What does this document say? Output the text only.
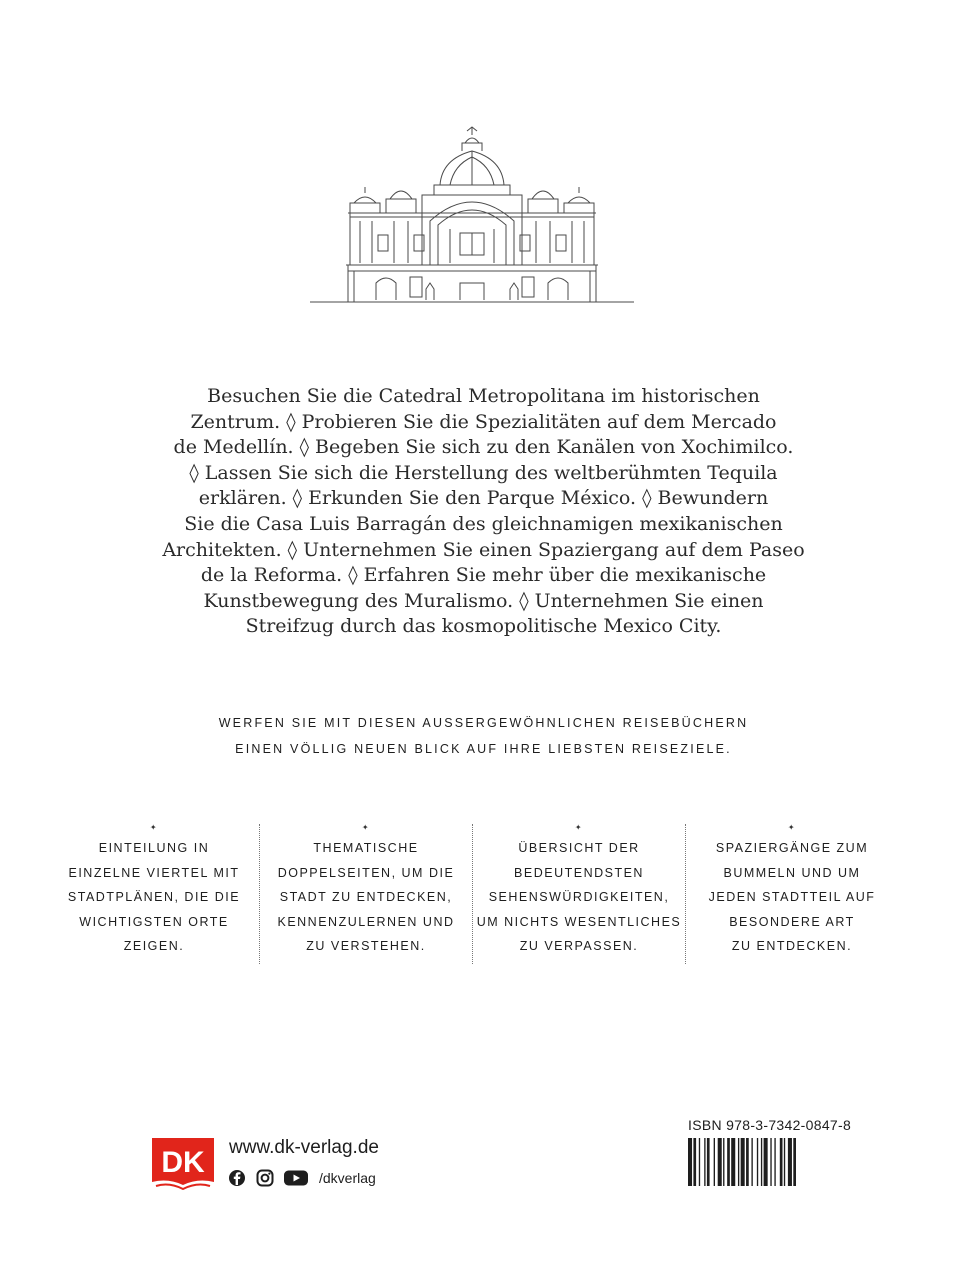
Besuchen Sie die Catedral Metropolitana im historischen
Zentrum. ◊ Probieren Sie die Spezialitäten auf dem Mercado
de Medellín. ◊ Begeben Sie sich zu den Kanälen von Xochimilco.
◊ Lassen Sie sich die Herstellung des weltberühmten Tequila
erklären. ◊ Erkunden Sie den Parque México. ◊ Bewundern
Sie die Casa Luis Barragán des gleichnamigen mexikanischen
Architekten. ◊ Unternehmen Sie einen Spaziergang auf dem Paseo
de la Reforma. ◊ Erfahren Sie mehr über die mexikanische
Kunstbewegung des Muralismo. ◊ Unternehmen Sie einen
Streifzug durch das kosmopolitische Mexico City.
WERFEN SIE MIT DIESEN AUSSERGEWÖHNLICHEN REISEBÜCHERN
EINEN VÖLLIG NEUEN BLICK AUF IHRE LIEBSTEN REISEZIELE.
✦
EINTEILUNG IN
EINZELNE VIERTEL MIT
STADTPLÄNEN, DIE DIE
WICHTIGSTEN ORTE
ZEIGEN.
✦
THEMATISCHE
DOPPELSEITEN, UM DIE
STADT ZU ENTDECKEN,
KENNENZULERNEN UND
ZU VERSTEHEN.
✦
ÜBERSICHT DER
BEDEUTENDSTEN
SEHENSWÜRDIGKEITEN,
UM NICHTS WESENTLICHES
ZU VERPASSEN.
✦
SPAZIERGÄNGE ZUM
BUMMELN UND UM
JEDEN STADTTEIL AUF
BESONDERE ART
ZU ENTDECKEN.
DK www.dk-verlag.de
/dkverlag
ISBN 978-3-7342-0847-8
